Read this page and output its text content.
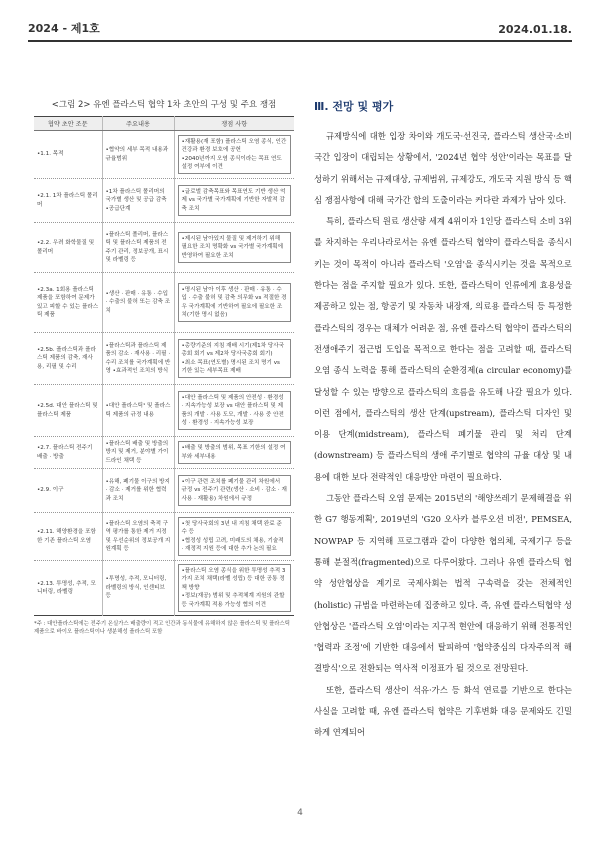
2024 - 제1호	2024.01.18.
<그림 2> 유엔 플라스틱 협약 1차 초안의 구성 및 주요 쟁점
협약 초안 조문	주요내용	쟁점 사항
•1.1. 목적	•협약의 세부 목적 내용과 규율범위	•재활용(재 포함) 플라스틱 오염 종식, 인간건강과 환경 보호에 공헌
•2040년까지 오염 종식이라는 목표 연도 설정 여부에 이견

•2.1. 1차 플라스틱 폴리머	•1차 플라스틱 폴리머의 국가별 생산 및 공급 감축 •공급단계	•글로벌 감축목표와 목표연도 기반 생산 억제 vs 국가별 국가계획에 기반한 자발적 감축 조치

•2.2. 우려 화학물질 및 폴리머	•플라스틱 폴리머, 플라스틱 및 플라스틱 제품의 전주기 관리, 정보공개, 표시 및 라벨링 등	•제시된 남아있지 물질 및 제거하기 위해 필요한 조치 명확화 vs 국가별 국가계획에 반영하여 필요한 조치

•2.3a. 1회용 플라스틱 제품을 포함하여 문제가 있고 피할 수 있는 플라스틱 제품	•생산 · 판매 · 유통 · 수입 · 수출의 불허 또는 감축 조치	•명시된 남아 이후 생산 · 판매 · 유통 · 수입 · 수출 불허 및 감축 의무화 vs 적절한 경우 국가계획에 기반하여 필요에 필요한 조치(기한 명시 없음)

•2.5b. 플라스틱과 플라스틱 제품의 감축, 재사용, 리필 및 수리	•플라스틱과 플라스틱 제품의 감소 · 재사용 · 리필 · 수리 조치를 국가계획에 반영 •효과적인 조치의 방식	•총량기준의 지침 재배 시기(제1차 당사국총회 회기 vs 제2차 당사국총회 회기)
•최소 목표(연도별) 명시된 조치 명기 vs 기한 있는 세부목표 제배

•2.5d. 대안 플라스틱 및 플라스틱 제품	•대안 플라스틱¹ 및 플라스틱 제품의 규정 내용	•대안 플라스틱 및 제품의 안전성 · 환경성 · 지속가능성 보장 vs 대안 플라스틱 및 제품의 개발 · 사용 도모, 개발 · 사용 중 안전성 · 환경성 · 지속가능성 보장

•2.7. 플라스틱 전주기 배출 · 방출	•플라스틱 배출 및 방출의 방지 및 제거, 분야별 가이드라인 채택 등	•배출 및 방출의 범위, 목표 기한의 설정 여부와 세부내용

•2.9. 이구	•유해, 폐기물 이구의 방지 · 감소 · 제거를 위한 협력과 조치	•이구 관련 조치를 폐기물 관리 차원에서 규정 vs 전주기 관련(생산 · 소비 · 감소 · 재사용 · 재활용) 차원에서 규정

•2.11. 해양환경을 포함한 기존 플라스틱 오염	•플라스틱 오염의 축적 구역 평가를 통한 제거 지정 및 우선순위의 정보공개 지원계획 등	•첫 당사국회의 3년 내 지침 채택 완료 준수 등
•협정성 성립 고려, 미래도의 채용, 기술적 · 재정적 지원 등에 대한 추가 논의 필요

•2.13. 투명성, 추적, 모니터링, 라벨링	•투명성, 추적, 모니터링, 라벨링의 방식, 인센티브 등	•플라스틱 오염 종식을 위한 투명성 추적 3가지 조치 채택(라벨 성립) 등 대한 공통 정책 방향
•정보(재공) 범위 및 추적체계 지원의 관할 등 국가계획 적용 가능성 협의 이견
*주 : 대안플라스틱에는 전주기 온실가스 배출량이 적고 인간과 동식물에 유해하지 않은 플라스틱 및 플라스틱 제품으로 바이오 플라스틱이나 생분해성 플라스틱 포함
Ⅲ. 전망 및 평가

규제방식에 대한 입장 차이와 개도국·선진국, 플라스틱 생산국·소비국간 입장이 대립되는 상황에서, '2024년 협약 성안'이라는 목표를 달성하기 위해서는 규제대상, 규제범위, 규제강도, 개도국 지원 방식 등 핵심 쟁점사항에 대해 국가간 합의 도출이라는 커다란 과제가 남아 있다.

특히, 플라스틱 원료 생산량 세계 4위이자 1인당 플라스틱 소비 3위를 차지하는 우리나라로서는 유엔 플라스틱 협약이 플라스틱을 종식시키는 것이 목적이 아니라 플라스틱 '오염'을 종식시키는 것을 목적으로 한다는 점을 주지할 필요가 있다. 또한, 플라스틱이 인류에게 효용성을 제공하고 있는 점, 항공기 및 자동차 내장재, 의료용 플라스틱 등 특정한 플라스틱의 경우는 대체가 어려운 점, 유엔 플라스틱 협약이 플라스틱의 전생애주기 접근법 도입을 목적으로 한다는 점을 고려할 때, 플라스틱 오염 종식 노력을 통해 플라스틱의 순환경제(a circular economy)를 달성할 수 있는 방향으로 플라스틱의 흐름을 유도해 나갈 필요가 있다. 이런 점에서, 플라스틱의 생산 단계(upstream), 플라스틱 디자인 및 이용 단계(midstream), 플라스틱 폐기물 관리 및 처리 단계(downstream) 등 플라스틱의 생애 주기별로 협약의 규율 대상 및 내용에 대한 보다 전략적인 대응방안 마련이 필요하다.

그동안 플라스틱 오염 문제는 2015년의 '해양쓰레기 문제해결을 위한 G7 행동계획', 2019년의 'G20 오사카 블루오션 비전', PEMSEA, NOWPAP 등 지역해 프로그램과 같이 다양한 협의체, 국제기구 등을 통해 분절적(fragmented)으로 다루어왔다. 그러나 유엔 플라스틱 협약 성안협상을 계기로 국제사회는 법적 구속력을 갖는 전체적인(holistic) 규범을 마련하는데 집중하고 있다. 즉, 유엔 플라스틱협약 성안협상은 '플라스틱 오염'이라는 지구적 현안에 대응하기 위해 전통적인 '협력과 조정'에 기반한 대응에서 탈피하여 '협약중심의 다자주의적 해결방식'으로 전환되는 역사적 이정표가 될 것으로 전망된다.

또한, 플라스틱 생산이 석유·가스 등 화석 연료를 기반으로 한다는 사실을 고려할 때, 유엔 플라스틱 협약은 기후변화 대응 문제와도 긴밀하게 연계되어

4
